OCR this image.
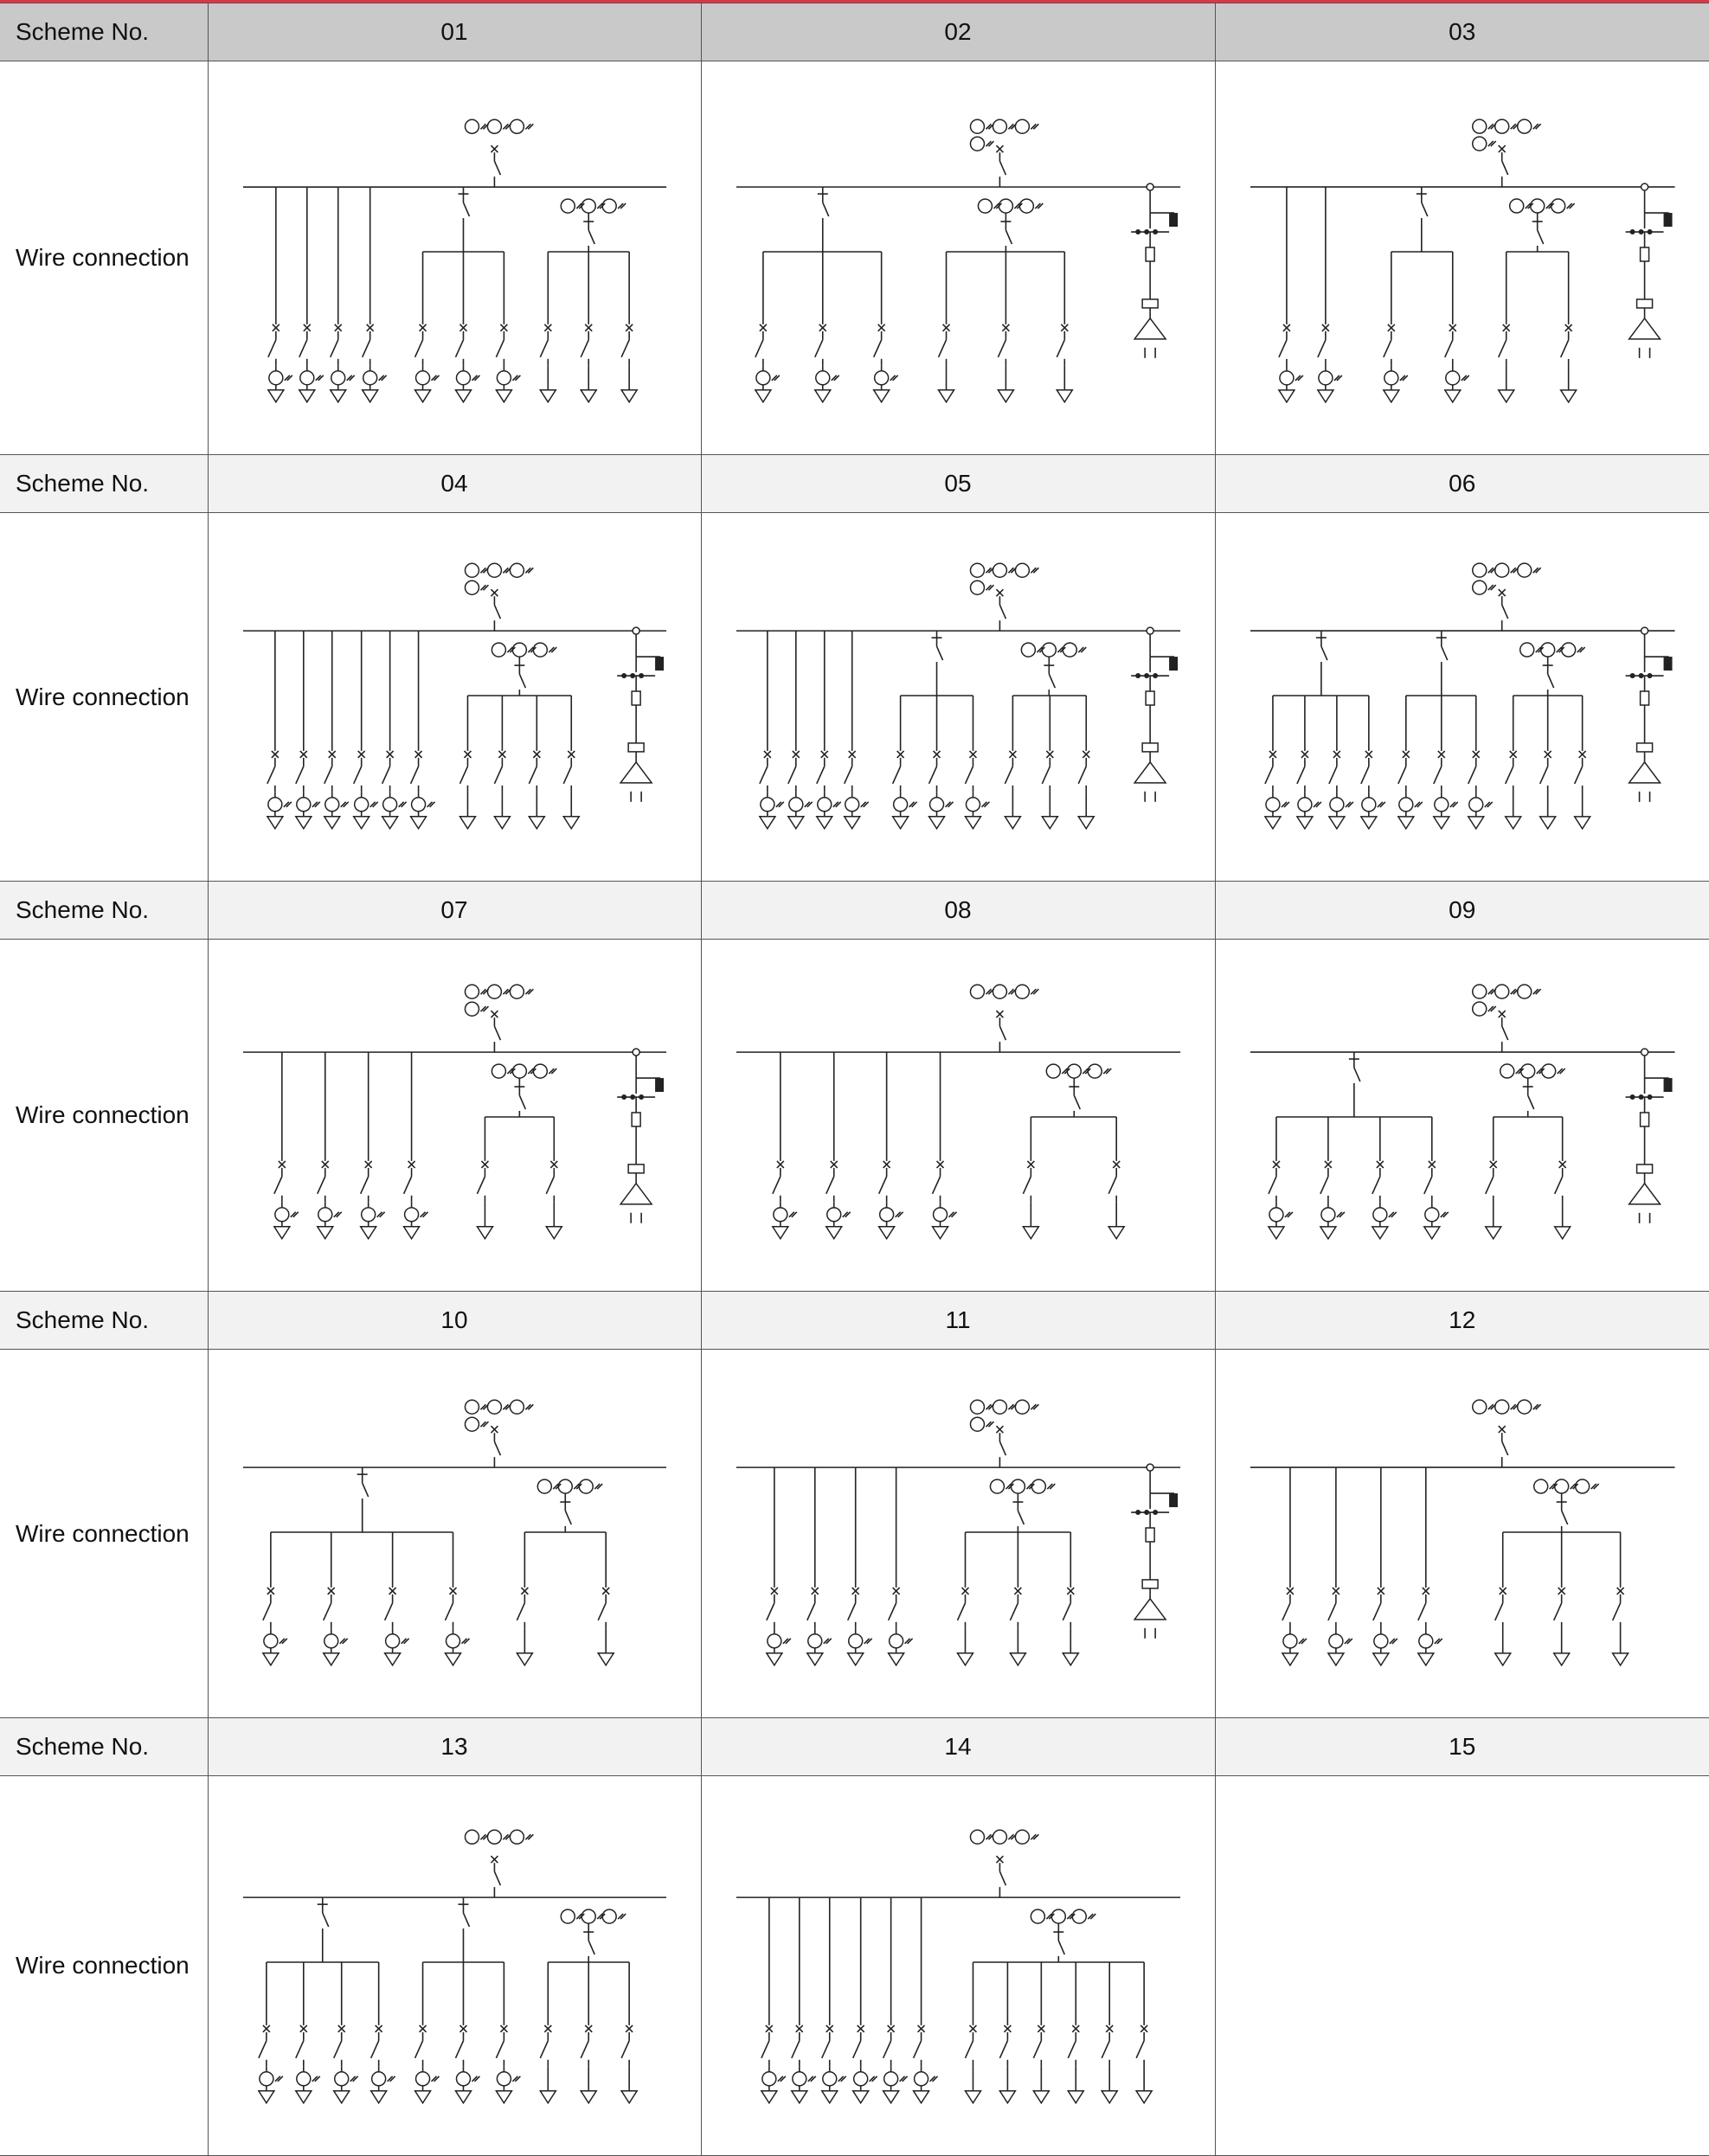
Scheme No.	01	02	03
Wire connection	

Scheme No.	04	05	06
Wire connection	

Scheme No.	07	08	09
Wire connection	

Scheme No.	10	11	12
Wire connection	

Scheme No.	13	14	15
Wire connection	
